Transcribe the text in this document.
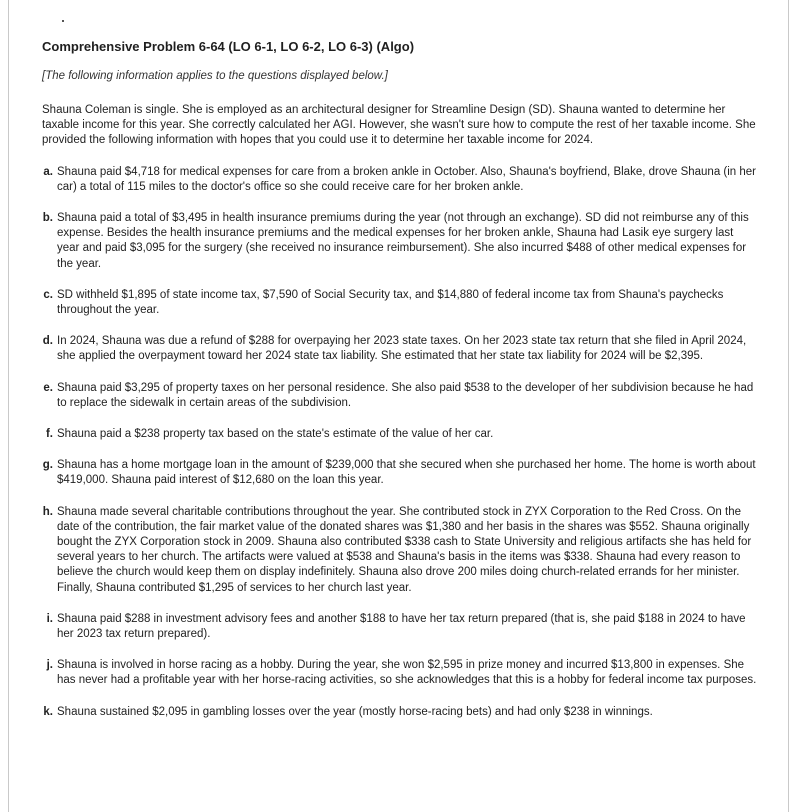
Comprehensive Problem 6-64 (LO 6-1, LO 6-2, LO 6-3) (Algo)

[The following information applies to the questions displayed below.]

Shauna Coleman is single. She is employed as an architectural designer for Streamline Design (SD). Shauna wanted to determine her taxable income for this year. She correctly calculated her AGI. However, she wasn't sure how to compute the rest of her taxable income. She provided the following information with hopes that you could use it to determine her taxable income for 2024.

a. Shauna paid $4,718 for medical expenses for care from a broken ankle in October. Also, Shauna's boyfriend, Blake, drove Shauna (in her car) a total of 115 miles to the doctor's office so she could receive care for her broken ankle.
b. Shauna paid a total of $3,495 in health insurance premiums during the year (not through an exchange). SD did not reimburse any of this expense. Besides the health insurance premiums and the medical expenses for her broken ankle, Shauna had Lasik eye surgery last year and paid $3,095 for the surgery (she received no insurance reimbursement). She also incurred $488 of other medical expenses for the year.
c. SD withheld $1,895 of state income tax, $7,590 of Social Security tax, and $14,880 of federal income tax from Shauna's paychecks throughout the year.
d. In 2024, Shauna was due a refund of $288 for overpaying her 2023 state taxes. On her 2023 state tax return that she filed in April 2024, she applied the overpayment toward her 2024 state tax liability. She estimated that her state tax liability for 2024 will be $2,395.
e. Shauna paid $3,295 of property taxes on her personal residence. She also paid $538 to the developer of her subdivision because he had to replace the sidewalk in certain areas of the subdivision.
f. Shauna paid a $238 property tax based on the state's estimate of the value of her car.
g. Shauna has a home mortgage loan in the amount of $239,000 that she secured when she purchased her home. The home is worth about $419,000. Shauna paid interest of $12,680 on the loan this year.
h. Shauna made several charitable contributions throughout the year. She contributed stock in ZYX Corporation to the Red Cross. On the date of the contribution, the fair market value of the donated shares was $1,380 and her basis in the shares was $552. Shauna originally bought the ZYX Corporation stock in 2009. Shauna also contributed $338 cash to State University and religious artifacts she has held for several years to her church. The artifacts were valued at $538 and Shauna's basis in the items was $338. Shauna had every reason to believe the church would keep them on display indefinitely. Shauna also drove 200 miles doing church-related errands for her minister. Finally, Shauna contributed $1,295 of services to her church last year.
i. Shauna paid $288 in investment advisory fees and another $188 to have her tax return prepared (that is, she paid $188 in 2024 to have her 2023 tax return prepared).
j. Shauna is involved in horse racing as a hobby. During the year, she won $2,595 in prize money and incurred $13,800 in expenses. She has never had a profitable year with her horse-racing activities, so she acknowledges that this is a hobby for federal income tax purposes.
k. Shauna sustained $2,095 in gambling losses over the year (mostly horse-racing bets) and had only $238 in winnings.
